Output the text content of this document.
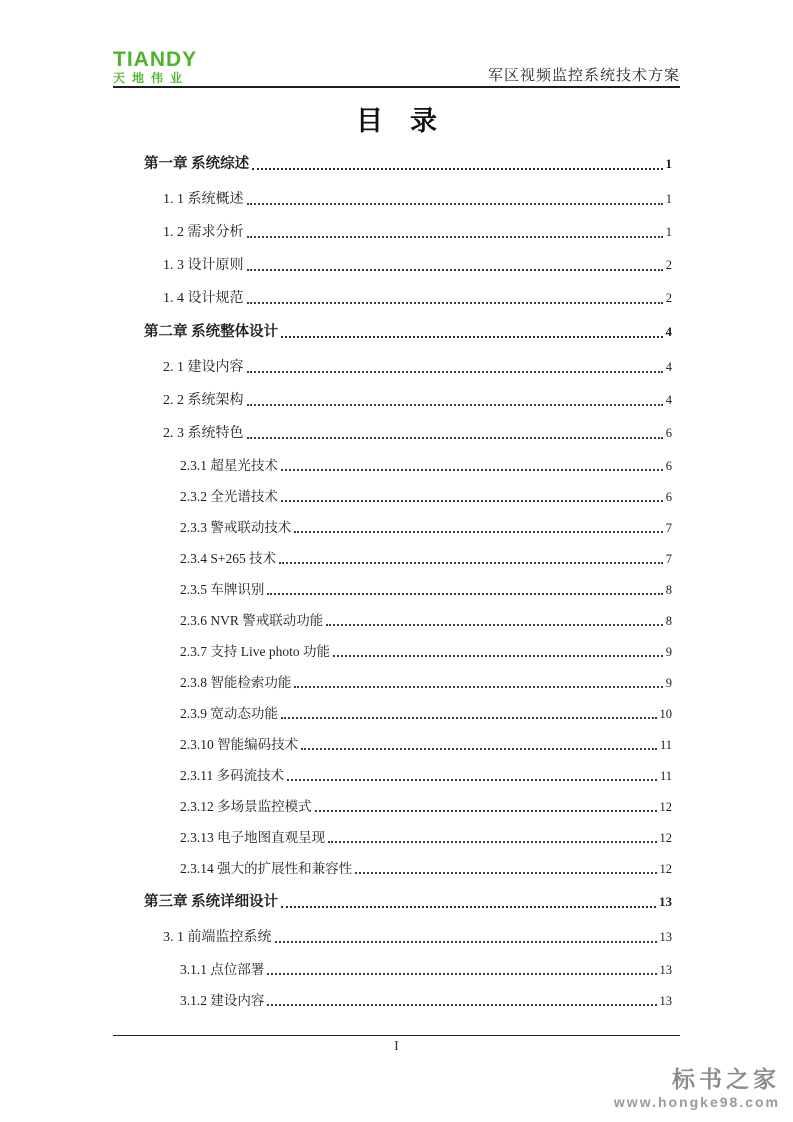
TIANDY
天地伟业	军区视频监控系统技术方案
目　录
第一章 系统综述	1
1. 1 系统概述	1
1. 2 需求分析	1
1. 3 设计原则	2
1. 4 设计规范	2
第二章 系统整体设计	4
2. 1 建设内容	4
2. 2 系统架构	4
2. 3 系统特色	6
2.3.1 超星光技术	6
2.3.2 全光谱技术	6
2.3.3 警戒联动技术	7
2.3.4 S+265 技术	7
2.3.5 车牌识别	8
2.3.6 NVR 警戒联动功能	8
2.3.7 支持 Live photo 功能	9
2.3.8 智能检索功能	9
2.3.9 宽动态功能	10
2.3.10 智能编码技术	11
2.3.11 多码流技术	11
2.3.12 多场景监控模式	12
2.3.13 电子地图直观呈现	12
2.3.14 强大的扩展性和兼容性	12
第三章 系统详细设计	13
3. 1 前端监控系统	13
3.1.1 点位部署	13
3.1.2 建设内容	13
I
标书之家
www.hongke98.com
